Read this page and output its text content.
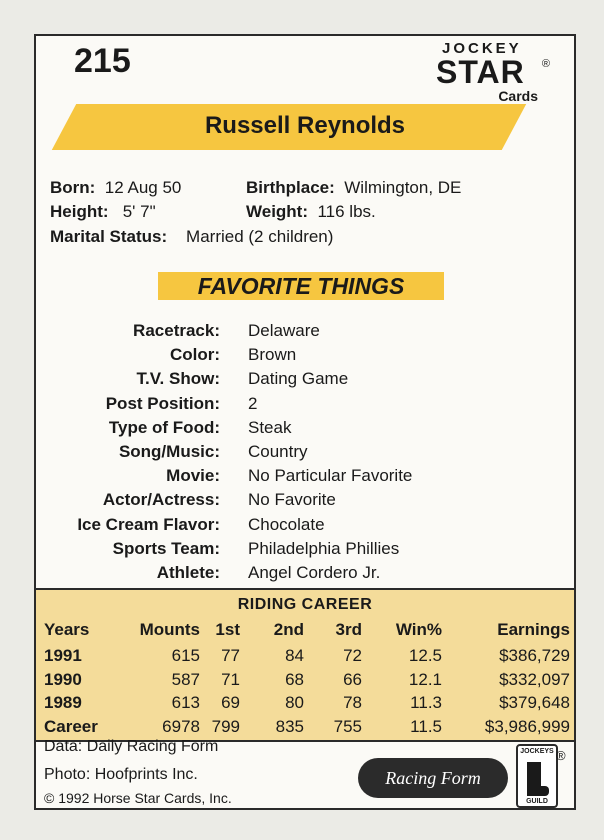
215	JOCKEY
STAR ®
Cards
Russell Reynolds
Born: 12 Aug 50	Birthplace: Wilmington, DE
Height: 5' 7"	Weight: 116 lbs.
Marital Status: Married (2 children)
FAVORITE THINGS
Racetrack: Delaware
Color: Brown
T.V. Show: Dating Game
Post Position: 2
Type of Food: Steak
Song/Music: Country
Movie: No Particular Favorite
Actor/Actress: No Favorite
Ice Cream Flavor: Chocolate
Sports Team: Philadelphia Phillies
Athlete: Angel Cordero Jr.
RIDING CAREER
Years	Mounts 1st 2nd 3rd Win%	Earnings
1991	615 77	84 72	12.5	$386,729
1990	587 71	68 66	12.1	$332,097
1989	613 69	80 78	11.3	$379,648
Career	6978 799 835 755	11.5	$3,986,999
Data: Daily Racing Form
Photo: Hoofprints Inc.
© 1992 Horse Star Cards, Inc.
Racing Form
JOCKEYS
GUILD
®
